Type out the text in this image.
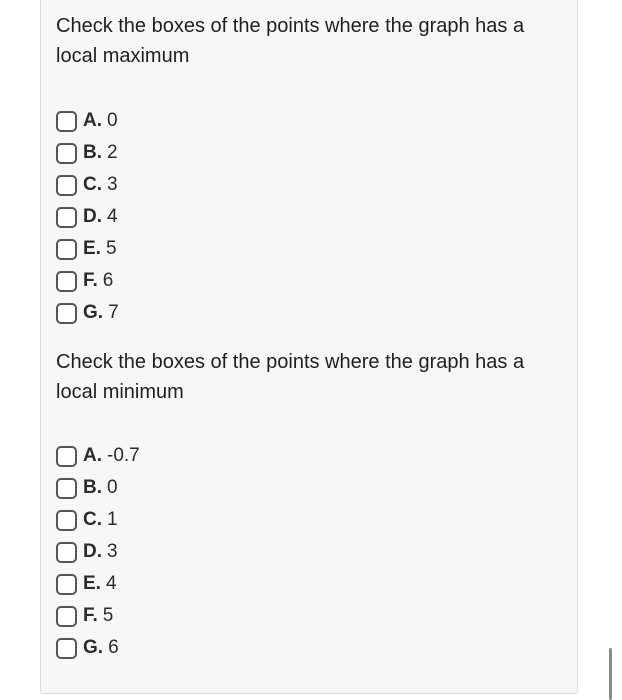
Check the boxes of the points where the graph has a local maximum

A. 0
B. 2
C. 3
D. 4
E. 5
F. 6
G. 7

Check the boxes of the points where the graph has a local minimum

A. -0.7
B. 0
C. 1
D. 3
E. 4
F. 5
G. 6
